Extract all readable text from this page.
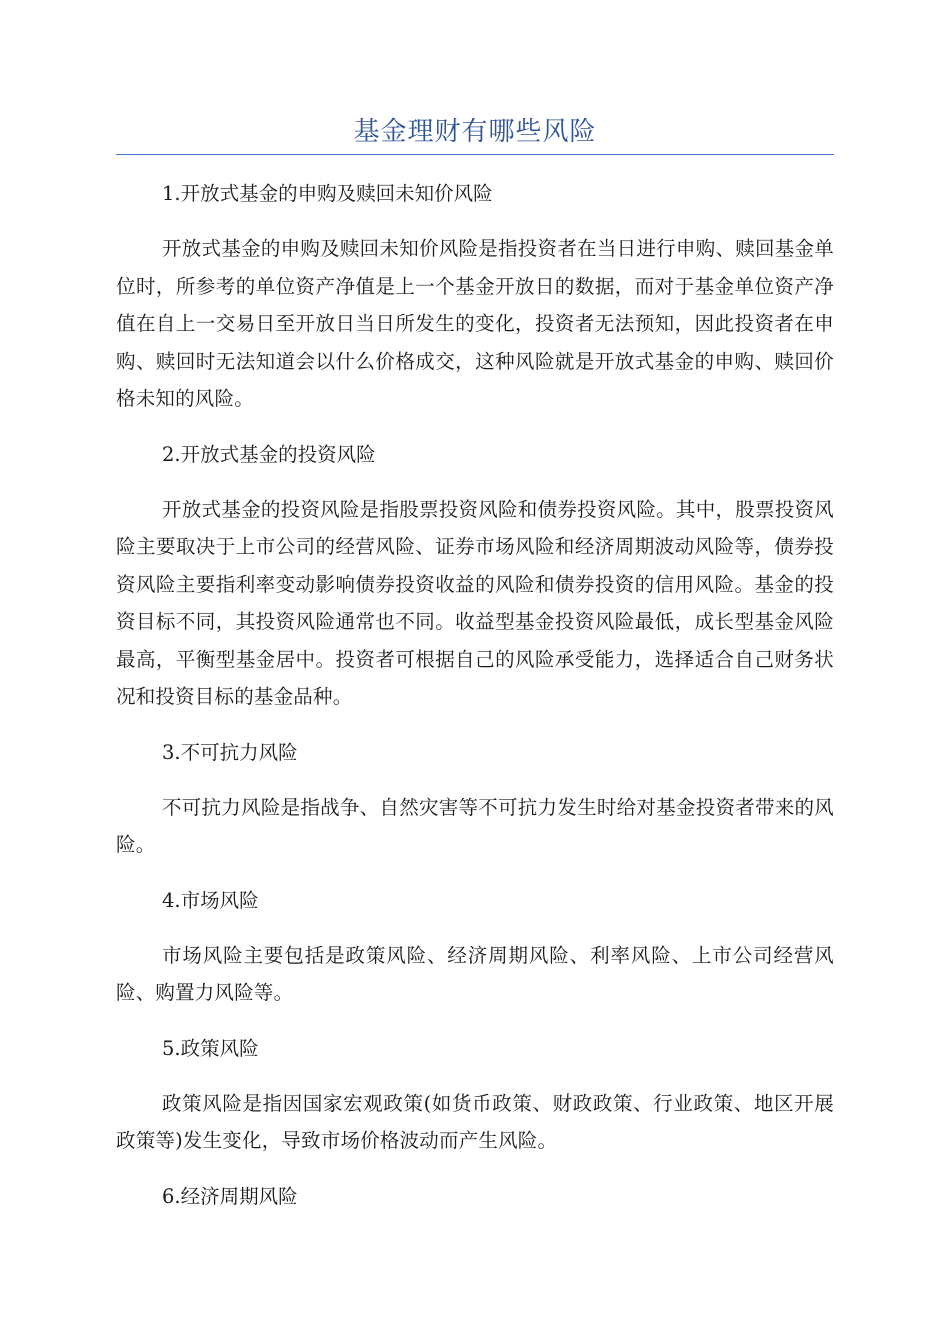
基金理财有哪些风险
1.开放式基金的申购及赎回未知价风险
开放式基金的申购及赎回未知价风险是指投资者在当日进行申购、赎回基金单位时，所参考的单位资产净值是上一个基金开放日的数据，而对于基金单位资产净值在自上一交易日至开放日当日所发生的变化，投资者无法预知，因此投资者在申购、赎回时无法知道会以什么价格成交，这种风险就是开放式基金的申购、赎回价格未知的风险。
2.开放式基金的投资风险
开放式基金的投资风险是指股票投资风险和债券投资风险。其中，股票投资风险主要取决于上市公司的经营风险、证券市场风险和经济周期波动风险等，债券投资风险主要指利率变动影响债券投资收益的风险和债券投资的信用风险。基金的投资目标不同，其投资风险通常也不同。收益型基金投资风险最低，成长型基金风险最高，平衡型基金居中。投资者可根据自己的风险承受能力，选择适合自己财务状况和投资目标的基金品种。
3.不可抗力风险
不可抗力风险是指战争、自然灾害等不可抗力发生时给对基金投资者带来的风险。
4.市场风险
市场风险主要包括是政策风险、经济周期风险、利率风险、上市公司经营风险、购置力风险等。
5.政策风险
政策风险是指因国家宏观政策(如货币政策、财政政策、行业政策、地区开展政策等)发生变化，导致市场价格波动而产生风险。
6.经济周期风险
